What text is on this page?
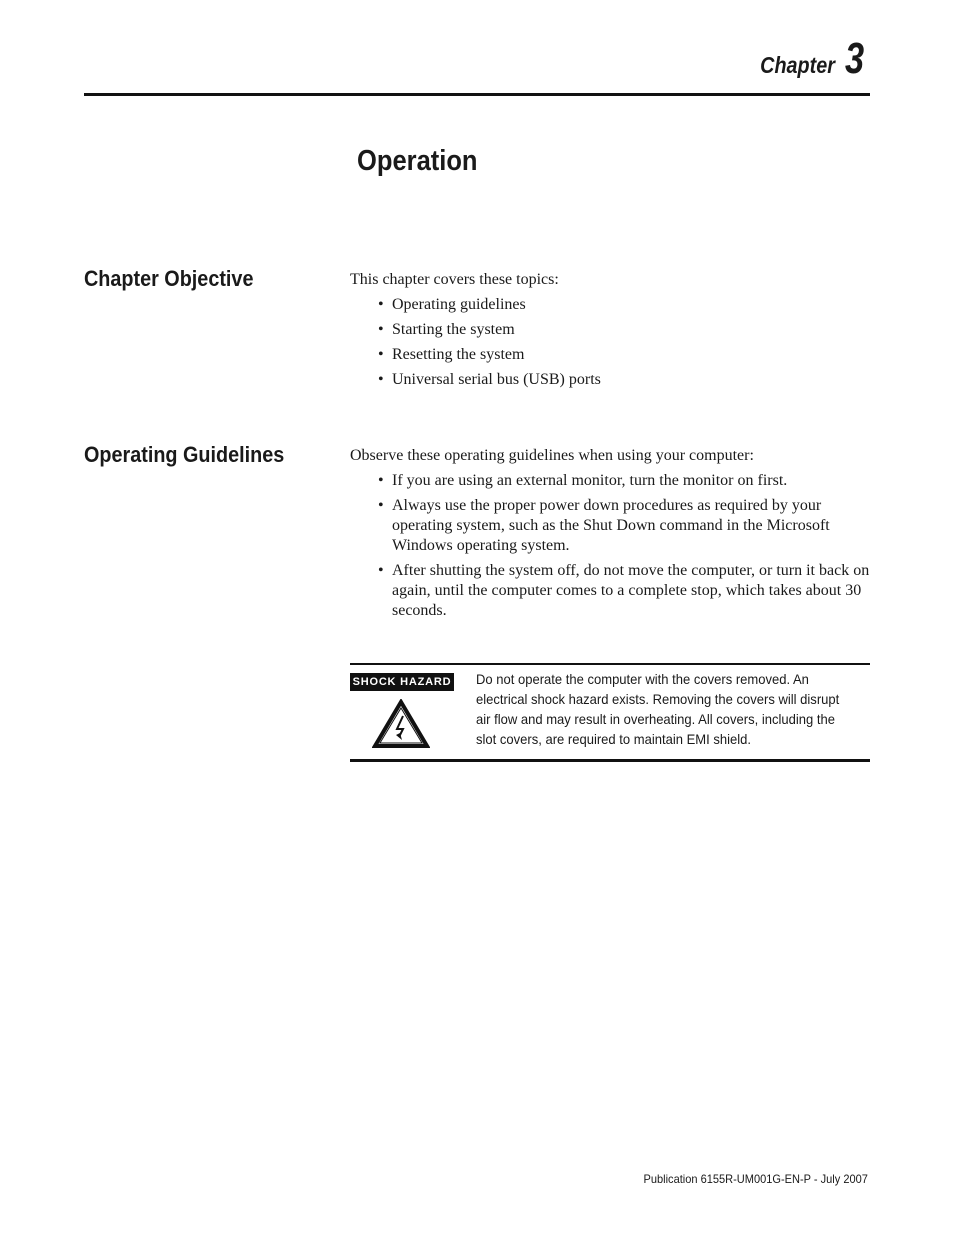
Chapter 3
Operation
Chapter Objective	This chapter covers these topics:

• Operating guidelines
• Starting the system
• Resetting the system
• Universal serial bus (USB) ports
Operating Guidelines	Observe these operating guidelines when using your computer:

• If you are using an external monitor, turn the monitor on first.
• Always use the proper power down procedures as required by your operating system, such as the Shut Down command in the Microsoft Windows operating system.
• After shutting the system off, do not move the computer, or turn it back on again, until the computer comes to a complete stop, which takes about 30 seconds.
SHOCK HAZARD Do not operate the computer with the covers removed. An electrical shock hazard exists. Removing the covers will disrupt air flow and may result in overheating. All covers, including the slot covers, are required to maintain EMI shield.
Publication 6155R-UM001G-EN-P - July 2007
